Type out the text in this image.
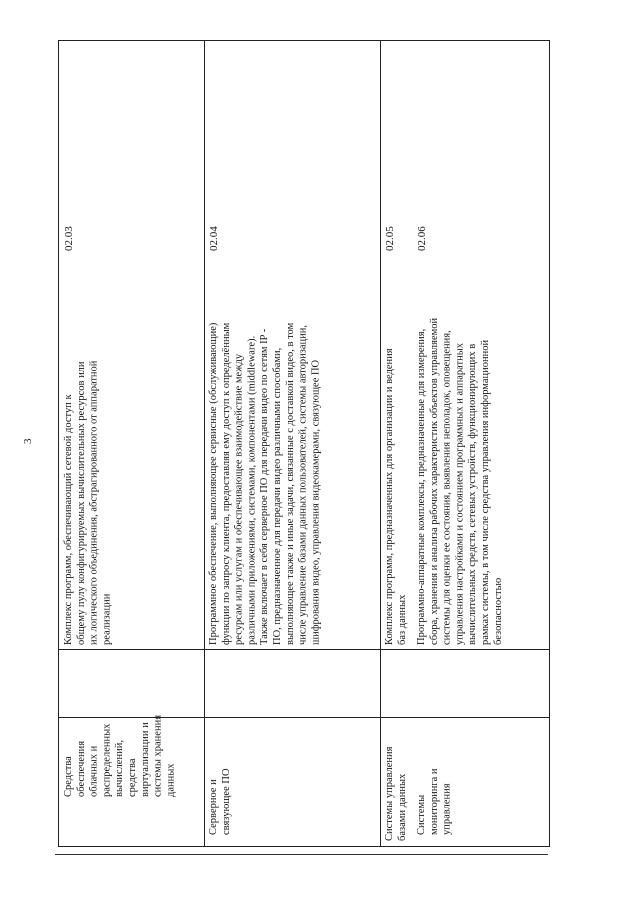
3
Средства
обеспечения
облачных и
распределенных
вычислений,
средства
виртуализации и
системы хранения
данных
Комплекс программ, обеспечивающий сетевой доступ к общему пулу конфигурируемых вычислительных ресурсов или их логического объединения, абстрагированного от аппаратной реализации
02.03
Серверное и
связующее ПО
Программное обеспечение, выполняющее сервисные (обслуживающие) функции по запросу клиента, предоставляя ему доступ к определённым ресурсам или услугам и обеспечивающее взаимодействие между различными приложениями, системами, компонентами (middleware). Также включает в себя серверное ПО для передачи видео по сетям IP - ПО, предназначенное для передачи видео различными способами, выполняющее также и иные задачи, связанные с доставкой видео, в том числе управление базами данных пользователей, системы авторизации, шифрования видео, управления видеокамерами, связующее ПО
02.04
Системы управления
базами данных
Комплекс программ, предназначенных для организации и ведения баз данных
02.05
Системы
мониторинга и
управления
Программно-аппаратные комплексы, предназначенные для измерения, сбора, хранения и анализа рабочих характеристик объектов управляемой системы для оценки ее состояния, выявления неполадок, оповещения, управления настройками и состоянием программных и аппаратных вычислительных средств, сетевых устройств, функционирующих в рамках системы, в том числе средства управления информационной безопасностью
02.06
